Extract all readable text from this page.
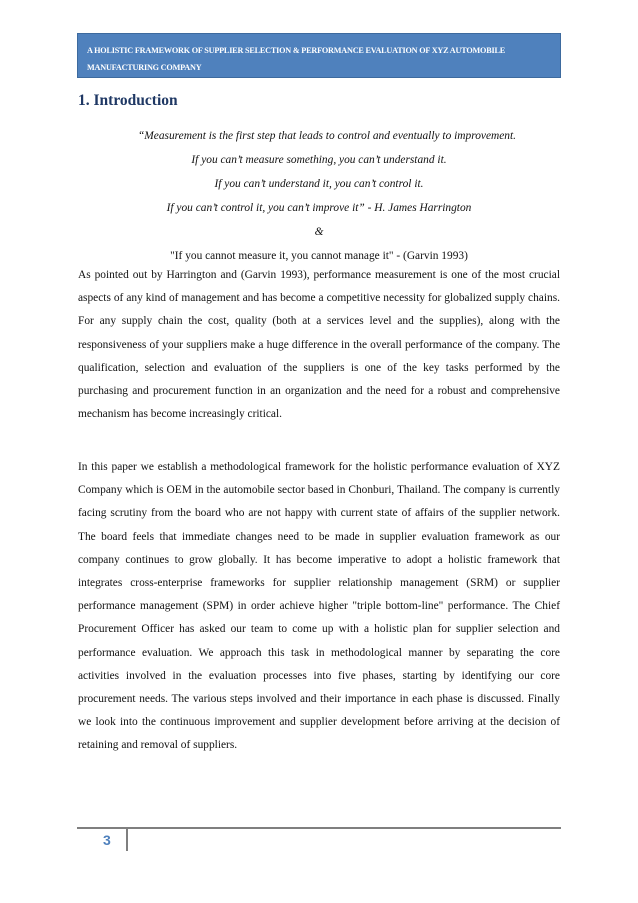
A HOLISTIC FRAMEWORK OF SUPPLIER SELECTION & PERFORMANCE EVALUATION OF XYZ AUTOMOBILE MANUFACTURING COMPANY
1. Introduction
“Measurement is the first step that leads to control and eventually to improvement.
If you can’t measure something, you can’t understand it.
If you can’t understand it, you can’t control it.
If you can’t control it, you can’t improve it” - H. James Harrington
&
"If you cannot measure it, you cannot manage it" - (Garvin 1993)

As pointed out by Harrington and (Garvin 1993), performance measurement is one of the most crucial aspects of any kind of management and has become a competitive necessity for globalized supply chains. For any supply chain the cost, quality (both at a services level and the supplies), along with the responsiveness of your suppliers make a huge difference in the overall performance of the company. The qualification, selection and evaluation of the suppliers is one of the key tasks performed by the purchasing and procurement function in an organization and the need for a robust and comprehensive mechanism has become increasingly critical.

In this paper we establish a methodological framework for the holistic performance evaluation of XYZ Company which is OEM in the automobile sector based in Chonburi, Thailand. The company is currently facing scrutiny from the board who are not happy with current state of affairs of the supplier network. The board feels that immediate changes need to be made in supplier evaluation framework as our company continues to grow globally. It has become imperative to adopt a holistic framework that integrates cross-enterprise frameworks for supplier relationship management (SRM) or supplier performance management (SPM) in order achieve higher "triple bottom-line" performance. The Chief Procurement Officer has asked our team to come up with a holistic plan for supplier selection and performance evaluation. We approach this task in methodological manner by separating the core activities involved in the evaluation processes into five phases, starting by identifying our core procurement needs. The various steps involved and their importance in each phase is discussed. Finally we look into the continuous improvement and supplier development before arriving at the decision of retaining and removal of suppliers.

3
